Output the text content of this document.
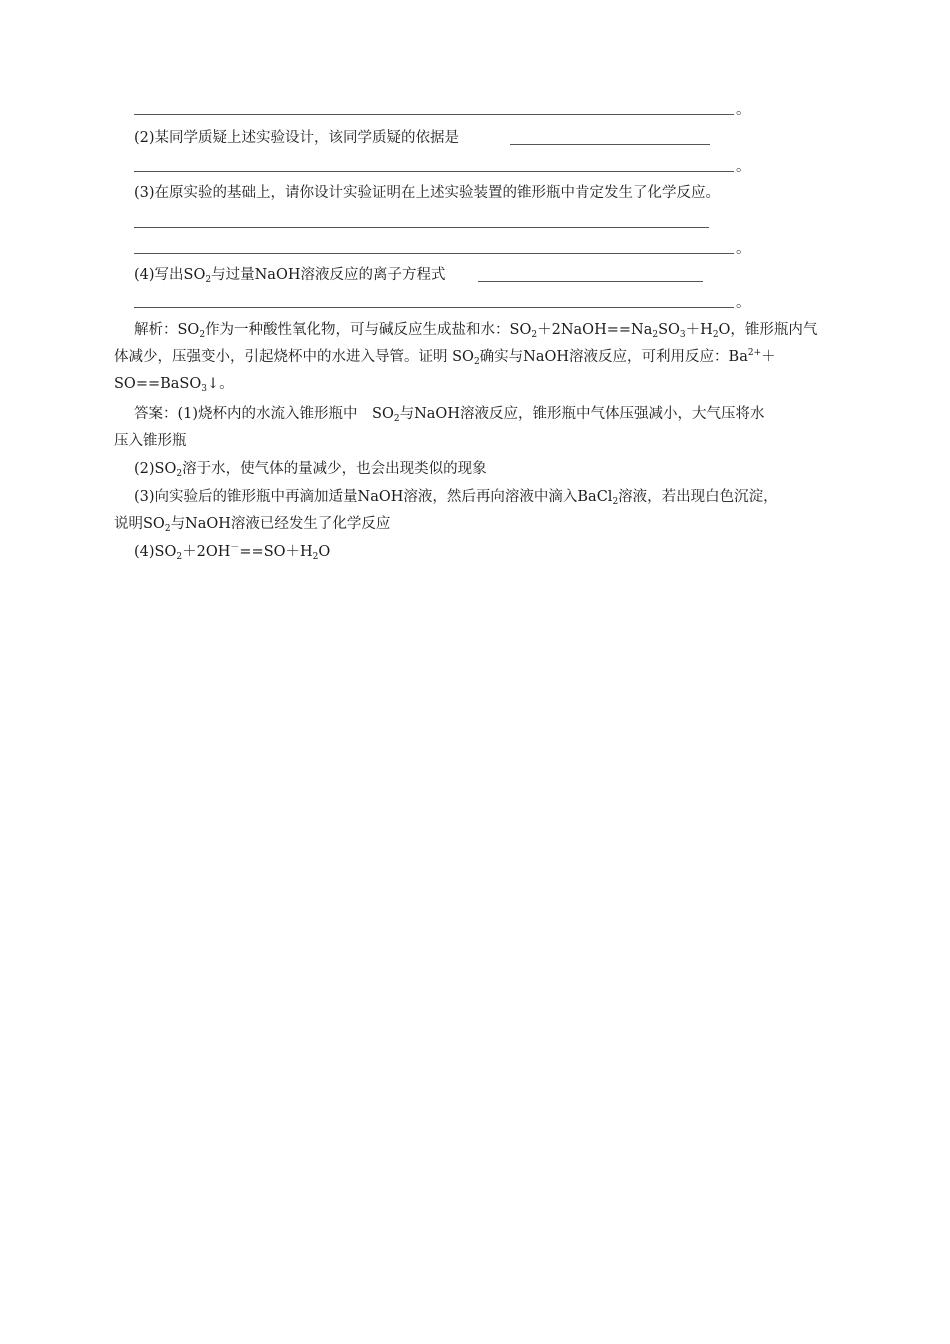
。
(2)某同学质疑上述实验设计，该同学质疑的依据是
。
(3)在原实验的基础上，请你设计实验证明在上述实验装置的锥形瓶中肯定发生了化学反应。
。
(4)写出$SO_2$与过量NaOH溶液反应的离子方程式
。
解析：$SO_2$作为一种酸性氧化物，可与碱反应生成盐和水：$SO_2+2NaOH==Na_2SO_3+H_2O$，锥形瓶内气
体减少，压强变小，引起烧杯中的水进入导管。证明 $SO_2$确实与NaOH溶液反应，可利用反应：$Ba^{2+}+$
SO==BaSO$_3$↓。
答案：(1)烧杯内的水流入锥形瓶中　$SO_2$与NaOH溶液反应，锥形瓶中气体压强减小，大气压将水
压入锥形瓶
$(2)SO_2$溶于水，使气体的量减少，也会出现类似的现象
(3)向实验后的锥形瓶中再滴加适量NaOH溶液，然后再向溶液中滴入BaCl$_2$溶液，若出现白色沉淀，
说明$SO_2$与NaOH溶液已经发生了化学反应
$(4)SO_2+2OH^-==SO+H_2O$
